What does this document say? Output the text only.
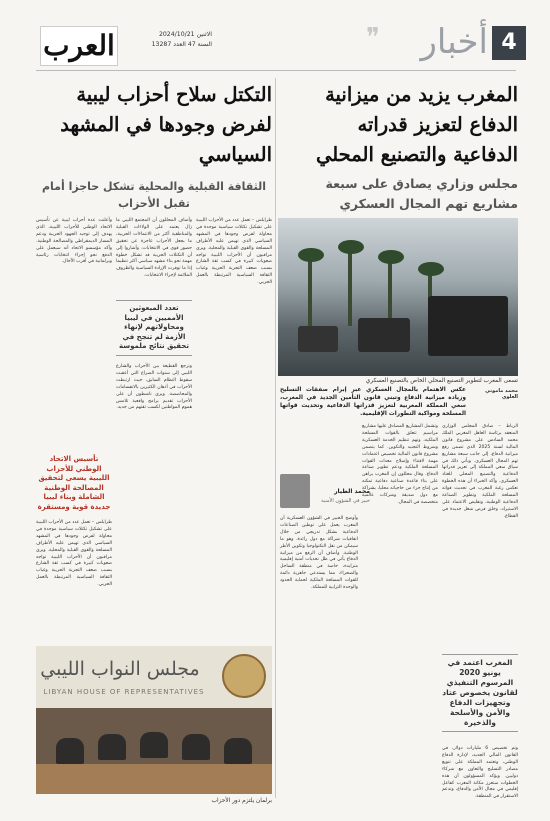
4
أخبار
❞
الاثنين 2024/10/21
السنة 47 العدد 13287
العرب
المغرب يزيد من ميزانية الدفاع لتعزيز قدراته الدفاعية والتصنيع المحلي
مجلس وزاري يصادق على سبعة مشاريع تهم المجال العسكري
تسعى المغرب لتطوير التصنيع المحلي الخاص بالتصنيع العسكري
محمد ماموني العلوي
عكس الاهتمام بالمجال العسكري عبر إبرام صفقات التسليح وزيادة ميزانية الدفاع وتبني قانون التأمين الجديد في المغرب، سعي المملكة المغربية لتعزيز قدراتها الدفاعية وتحديث قواتها المسلحة ومواكبة التطورات الإقليمية.
محمد الطيار
خبير في الشؤون الأمنية
الرباط – صادق المجلس الوزاري المنعقد برئاسة العاهل المغربي الملك محمد السادس على مشروع قانون المالية لسنة 2025 الذي تضمن رفع ميزانية الدفاع، إلى جانب سبعة مشاريع تهم المجال العسكري. ويأتي ذلك في سياق سعي المملكة إلى تعزيز قدراتها الدفاعية والتصنيع المحلي للعتاد العسكري. وأكد الخبراء أن هذه الخطوة تعكس رغبة المغرب في تحديث قواته المسلحة الملكية وتطوير الصناعة الدفاعية الوطنية، وتقليص الاعتماد على الاستيراد، وخلق فرص شغل جديدة في القطاع.
وتشمل المشاريع المصادق عليها مشاريع مراسيم تتعلق بالقوات المسلحة الملكية، وتهم تنظيم الخدمة العسكرية وشروط التجنيد والتكوين. كما يتضمن مشروع قانون المالية تخصيص اعتمادات مهمة لاقتناء وإصلاح معدات القوات المسلحة الملكية ودعم تطوير صناعة الدفاع. وقال محللون إن المغرب يراهن على بناء قاعدة صناعية دفاعية تمكنه من إنتاج جزء من حاجياته محليا، بشراكة مع دول صديقة وشركات عالمية متخصصة في المجال.
وأوضح الخبير في الشؤون العسكرية أن المغرب يعمل على توطين الصناعات الدفاعية بشكل تدريجي من خلال اتفاقيات شراكة مع دول رائدة، وهو ما سيمكن من نقل التكنولوجيا وتكوين الأطر الوطنية. وأضاف أن الرفع من ميزانية الدفاع يأتي في ظل تحديات أمنية إقليمية متزايدة، خاصة في منطقة الساحل والصحراء، مما يستدعي جاهزية دائمة للقوات المسلحة الملكية لحماية الحدود والوحدة الترابية للمملكة.
المغرب اعتمد في يونيو 2020 المرسوم التنفيذي لقانون يخصوص عتاد وتجهيزات الدفاع والأمن والأسلحة والذخيرة
وتم تخصيص 6 مليارات دولار، في القانون المالي الجديد، لإدارة الدفاع الوطني، وتعتمد المملكة على تنويع مصادر التسليح والتعاون مع شركاء دوليين. ويؤكد المسؤولون أن هذه الخطوات ستعزز مكانة المغرب كفاعل إقليمي في مجال الأمن والدفاع، وتدعم الاستقرار في المنطقة.
التكتل سلاح أحزاب ليبية لفرض وجودها في المشهد السياسي
الثقافة القبلية والمحلية تشكل حاجزا أمام تقبل الأحزاب
طرابلس – تعمل عدد من الأحزاب الليبية على تشكيل تكتلات سياسية موحدة في محاولة لفرض وجودها في المشهد السياسي الذي تهيمن عليه الأطراف المسلحة والقوى القبلية والمحلية. ويرى مراقبون أن الأحزاب الليبية تواجه صعوبات كبيرة في كسب ثقة الشارع بسبب ضعف التجربة الحزبية وغياب الثقافة السياسية المرتبطة بالعمل الحزبي.
تعدد المبعوثين الأمميين في ليبيا ومحاولاتهم لإنهاء الأزمة لم تنجح في تحقيق نتائج ملموسة
وأضاف المحللون أن المجتمع الليبي ما زال يعتمد على الولاءات القبلية والمناطقية أكثر من الانتماءات الحزبية، ما يجعل الأحزاب عاجزة عن تحقيق حضور قوي في الانتخابات. وأشاروا إلى أن التكتلات الحزبية قد تشكل خطوة مهمة نحو بناء مشهد سياسي أكثر تنظيما إذا ما توفرت الإرادة السياسية والظروف الملائمة لإجراء الانتخابات.
وترجع القطيعة بين الأحزاب والشارع الليبي إلى سنوات الصراع التي أعقبت سقوط النظام السابق، حيث ارتبطت الأحزاب في أذهان الكثيرين بالانقسامات والمحاصصة. ويرى ناشطون أن على الأحزاب تقديم برامج واقعية تلامس هموم المواطنين لكسب ثقتهم من جديد.
وأعلنت عدة أحزاب ليبية عن تأسيس الاتحاد الوطني للأحزاب الليبية، الذي يهدف إلى توحيد الجهود الحزبية ودعم المسار الديمقراطي والمصالحة الوطنية. وأكد مؤسسو الاتحاد أنه سيعمل على الدفع نحو إجراء انتخابات رئاسية وبرلمانية في أقرب الآجال.
تأسيس الاتحاد الوطني للأحزاب الليبية يسعى لتحقيق المصالحة الوطنية الشاملة وبناء ليبيا جديدة قوية ومستقرة
طرابلس – تعمل عدد من الأحزاب الليبية على تشكيل تكتلات سياسية موحدة في محاولة لفرض وجودها في المشهد السياسي الذي تهيمن عليه الأطراف المسلحة والقوى القبلية والمحلية. ويرى مراقبون أن الأحزاب الليبية تواجه صعوبات كبيرة في كسب ثقة الشارع بسبب ضعف التجربة الحزبية وغياب الثقافة السياسية المرتبطة بالعمل الحزبي.
مجلس النواب الليبي
LIBYAN HOUSE OF REPRESENTATIVES
برلمان يلتزم دور الأحزاب
